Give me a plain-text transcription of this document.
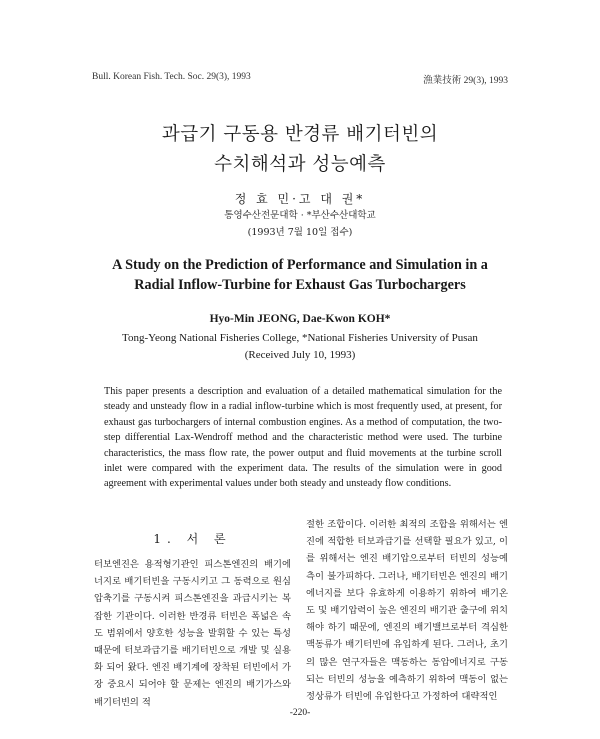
Bull. Korean Fish. Tech. Soc. 29(3), 1993	漁業技術 29(3), 1993
과급기 구동용 반경류 배기터빈의
수치해석과 성능예측
정 효 민·고 대 권*
통영수산전문대학 · *부산수산대학교
(1993년 7월 10일 접수)
A Study on the Prediction of Performance and Simulation in a
Radial Inflow-Turbine for Exhaust Gas Turbochargers
Hyo-Min JEONG, Dae-Kwon KOH*
Tong-Yeong National Fisheries College, *National Fisheries University of Pusan
(Received July 10, 1993)

This paper presents a description and evaluation of a detailed mathematical simulation for the steady and unsteady flow in a radial inflow-turbine which is most frequently used, at present, for exhaust gas turbochargers of internal combustion engines. As a method of computation, the two-step differential Lax-Wendroff method and the characteristic method were used. The turbine characteristics, the mass flow rate, the power output and fluid movements at the turbine scroll inlet were compared with the experiment data. The results of the simulation were in good agreement with experimental values under both steady and unsteady flow conditions.

1. 서 론

터보엔진은 용적형기관인 피스톤엔진의 배기에너지로 배기터빈을 구동시키고 그 동력으로 원심압축기를 구동시켜 피스톤엔진을 과급시키는 복잡한 기관이다. 이러한 반경류 터빈은 폭넓은 속도 범위에서 양호한 성능을 발휘할 수 있는 특성 때문에 터보과급기를 배기터빈으로 개발 및 실용화 되어 왔다. 엔진 배기계에 장착된 터빈에서 가장 중요시 되어야 할 문제는 엔진의 배기가스와 배기터빈의 적

절한 조합이다. 이러한 최적의 조합을 위해서는 엔진에 적합한 터보과급기를 선택할 필요가 있고, 이를 위해서는 엔진 배기압으로부터 터빈의 성능예측이 불가피하다. 그러나, 배기터빈은 엔진의 배기에너지를 보다 유효하게 이용하기 위하여 배기온도 및 배기압력이 높은 엔진의 배기관 출구에 위치해야 하기 때문에, 엔진의 배기밸브로부터 격심한 맥동류가 배기터빈에 유입하게 된다. 그러나, 초기의 많은 연구자들은 맥동하는 동압에너지로 구동되는 터빈의 성능을 예측하기 위하여 맥동이 없는 정상류가 터빈에 유입한다고 가정하여 대략적인

-220-
